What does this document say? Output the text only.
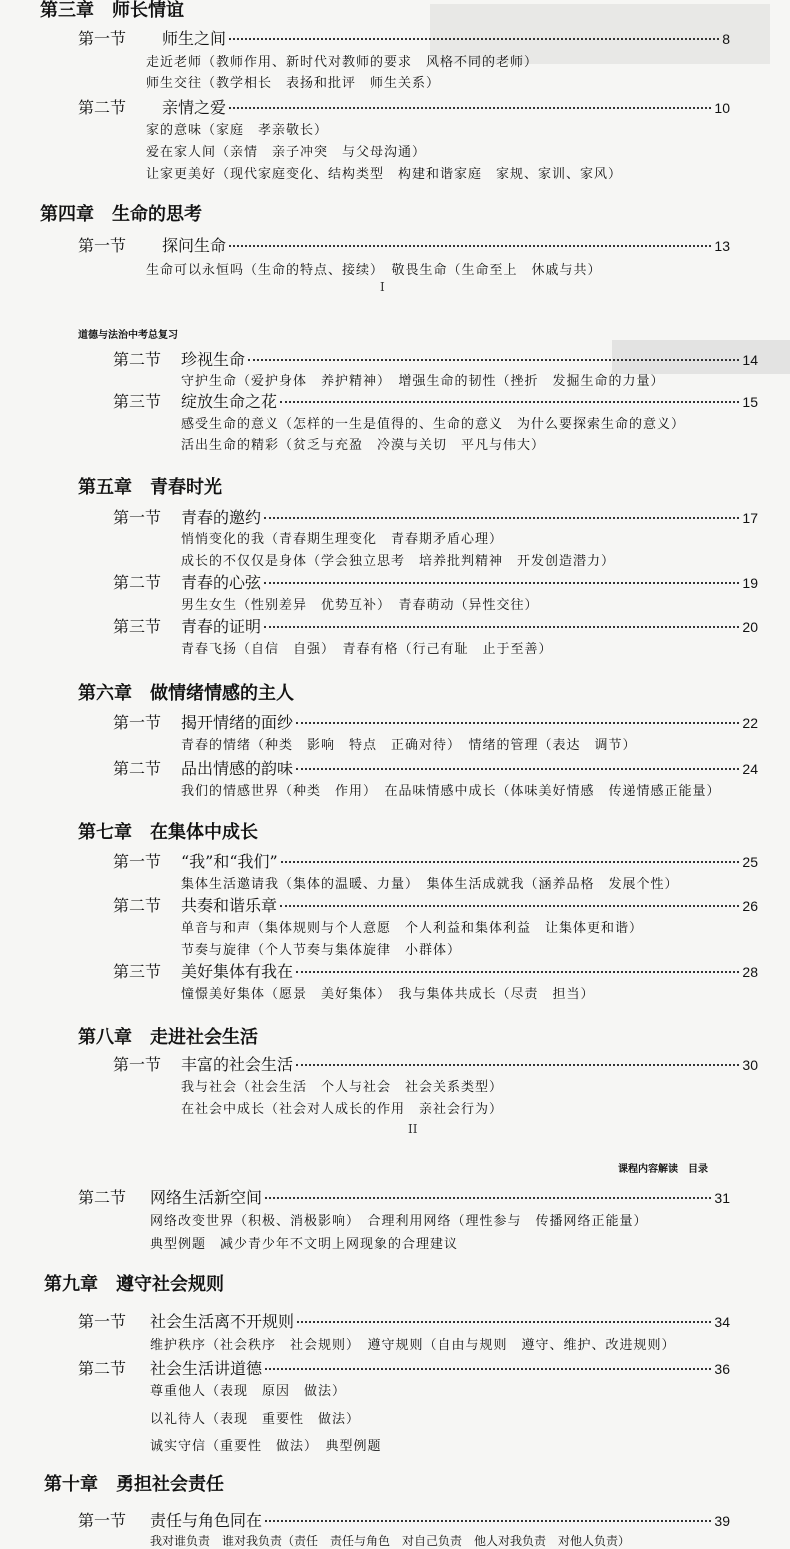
第三章　师长情谊
第一节	师生之间	8
走近老师（教师作用、新时代对教师的要求　风格不同的老师）
师生交往（教学相长　表扬和批评　师生关系）
第二节	亲情之爱	10
家的意味（家庭　孝亲敬长）
爱在家人间（亲情　亲子冲突　与父母沟通）
让家更美好（现代家庭变化、结构类型　构建和谐家庭　家规、家训、家风）
第四章　生命的思考
第一节	探问生命	13
生命可以永恒吗（生命的特点、接续）　敬畏生命（生命至上　休戚与共）
I
道德与法治中考总复习
第二节	珍视生命	14
守护生命（爱护身体　养护精神）　增强生命的韧性（挫折　发掘生命的力量）
第三节	绽放生命之花	15
感受生命的意义（怎样的一生是值得的、生命的意义　为什么要探索生命的意义）
活出生命的精彩（贫乏与充盈　冷漠与关切　平凡与伟大）
第五章　青春时光
第一节	青春的邀约	17
悄悄变化的我（青春期生理变化　青春期矛盾心理）
成长的不仅仅是身体（学会独立思考　培养批判精神　开发创造潜力）
第二节	青春的心弦	19
男生女生（性别差异　优势互补）　青春萌动（异性交往）
第三节	青春的证明	20
青春飞扬（自信　自强）　青春有格（行己有耻　止于至善）
第六章　做情绪情感的主人
第一节	揭开情绪的面纱	22
青春的情绪（种类　影响　特点　正确对待）　情绪的管理（表达　调节）
第二节	品出情感的韵味	24
我们的情感世界（种类　作用）　在品味情感中成长（体味美好情感　传递情感正能量）
第七章　在集体中成长
第一节	“我”和“我们”	25
集体生活邀请我（集体的温暖、力量）　集体生活成就我（涵养品格　发展个性）
第二节	共奏和谐乐章	26
单音与和声（集体规则与个人意愿　个人利益和集体利益　让集体更和谐）
节奏与旋律（个人节奏与集体旋律　小群体）
第三节	美好集体有我在	28
憧憬美好集体（愿景　美好集体）　我与集体共成长（尽责　担当）
第八章　走进社会生活
第一节	丰富的社会生活	30
我与社会（社会生活　个人与社会　社会关系类型）
在社会中成长（社会对人成长的作用　亲社会行为）
II
课程内容解读　目录
第二节	网络生活新空间	31
网络改变世界（积极、消极影响）　合理利用网络（理性参与　传播网络正能量）
典型例题　减少青少年不文明上网现象的合理建议
第九章　遵守社会规则
第一节	社会生活离不开规则	34
维护秩序（社会秩序　社会规则）　遵守规则（自由与规则　遵守、维护、改进规则）
第二节	社会生活讲道德	36
尊重他人（表现　原因　做法）
以礼待人（表现　重要性　做法）
诚实守信（重要性　做法）　典型例题
第十章　勇担社会责任
第一节	责任与角色同在	39
我对谁负责　谁对我负责（责任　责任与角色　对自己负责　他人对我负责　对他人负责）
